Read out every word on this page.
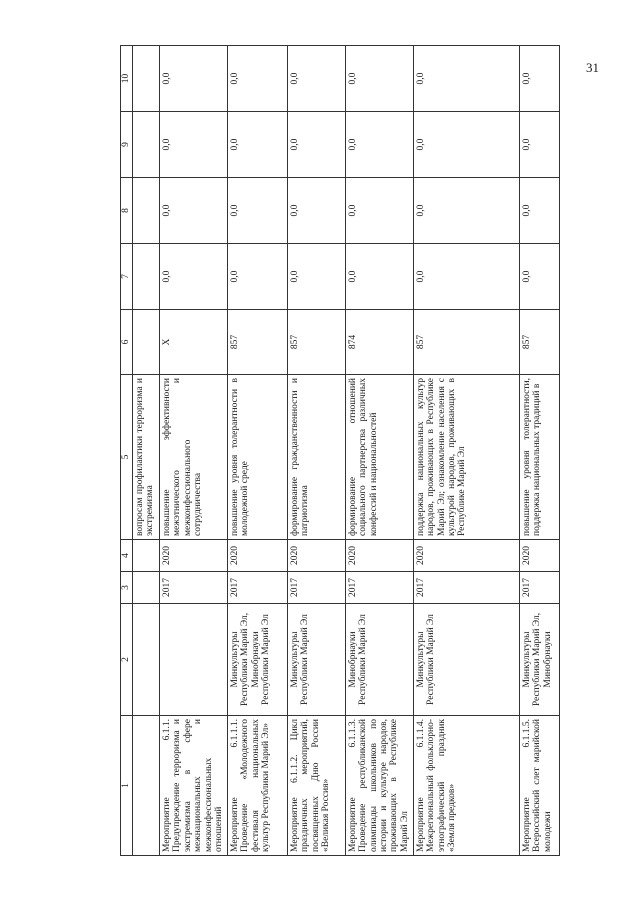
31
1	2	3	4	5	6	7	8	9	10
				вопросам профилактики терроризма и экстремизма					
Мероприятие 6.1.1. Предупреждение терроризма и экстремизма в сфере межнациональных и межконфессиональных отношений		2017	2020	повышение эффективности межэтнического и межконфессионального сотрудничества	Х	0,0	0,0	0,0	0,0
Мероприятие 6.1.1.1. Проведение «Молодежного фестиваля национальных культур Республики Марий Эл»	Минкультуры Республики Марий Эл, Минобрнауки Республики Марий Эл	2017	2020	повышение уровня толерантности в молодежной среде	857	0,0	0,0	0,0	0,0
Мероприятие 6.1.1.2. Цикл праздничных мероприятий, посвященных Дню России «Великая Россия»	Минкультуры Республики Марий Эл	2017	2020	формирование гражданственности и патриотизма	857	0,0	0,0	0,0	0,0
Мероприятие 6.1.1.3. Проведение республиканской олимпиады школьников по истории и культуре народов, проживающих в Республике Марий Эл	Минобрнауки Республики Марий Эл	2017	2020	формирование отношений социального партнерства различных конфессий и национальностей	874	0,0	0,0	0,0	0,0
Мероприятие 6.1.1.4. Межрегиональный фольклорно-этнографический праздник «Земля предков»	Минкультуры Республики Марий Эл	2017	2020	поддержка национальных культур народов, проживающих в Республике Марий Эл; ознакомление населения с культурой народов, проживающих в Республике Марий Эл	857	0,0	0,0	0,0	0,0
Мероприятие 6.1.1.5. Всероссийский слет марийской молодежи	Минкультуры Республики Марий Эл, Минобрнауки	2017	2020	повышение уровня толерантности, поддержка национальных традиций в	857	0,0	0,0	0,0	0,0
